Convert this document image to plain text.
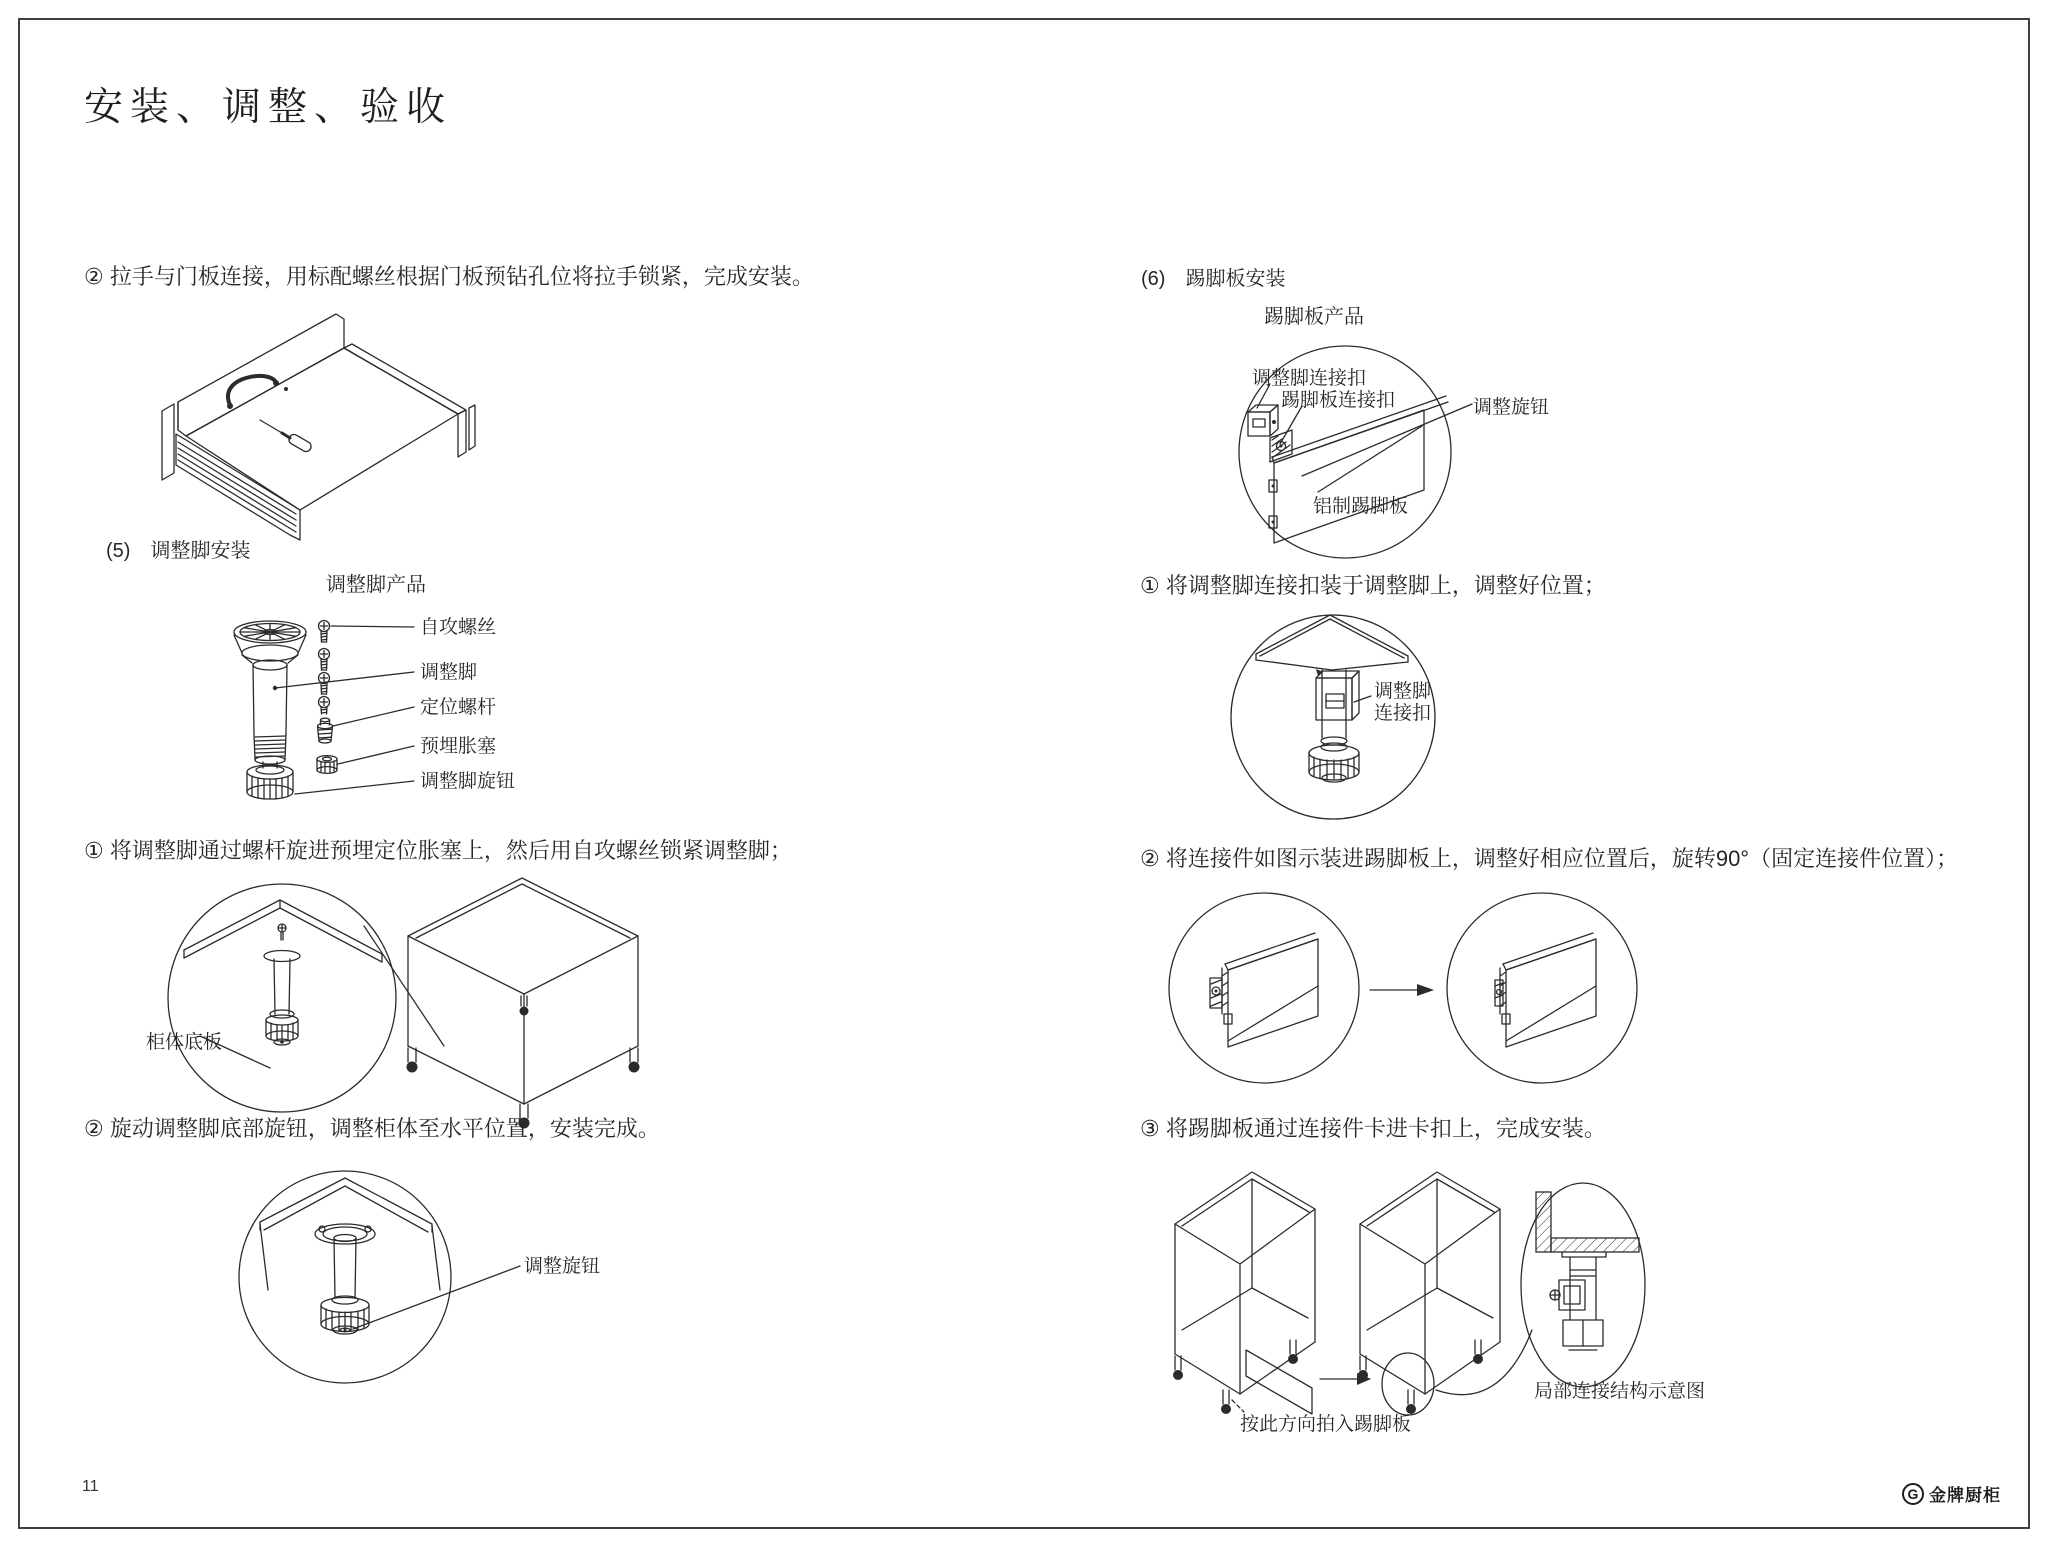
安装、调整、验收
② 拉手与门板连接，用标配螺丝根据门板预钻孔位将拉手锁紧，完成安装。
(5)　调整脚安装
调整脚产品
自攻螺丝
调整脚
定位螺杆
预埋胀塞
调整脚旋钮
① 将调整脚通过螺杆旋进预埋定位胀塞上，然后用自攻螺丝锁紧调整脚；
柜体底板
② 旋动调整脚底部旋钮，调整柜体至水平位置，安装完成。
调整旋钮
(6)　踢脚板安装
踢脚板产品
调整脚连接扣
踢脚板连接扣	调整旋钮
铝制踢脚板
① 将调整脚连接扣装于调整脚上，调整好位置；
调整脚
连接扣
② 将连接件如图示装进踢脚板上，调整好相应位置后，旋转90°（固定连接件位置）；
③ 将踢脚板通过连接件卡进卡扣上，完成安装。
按此方向拍入踢脚板
局部连接结构示意图
11	G 金牌厨柜
